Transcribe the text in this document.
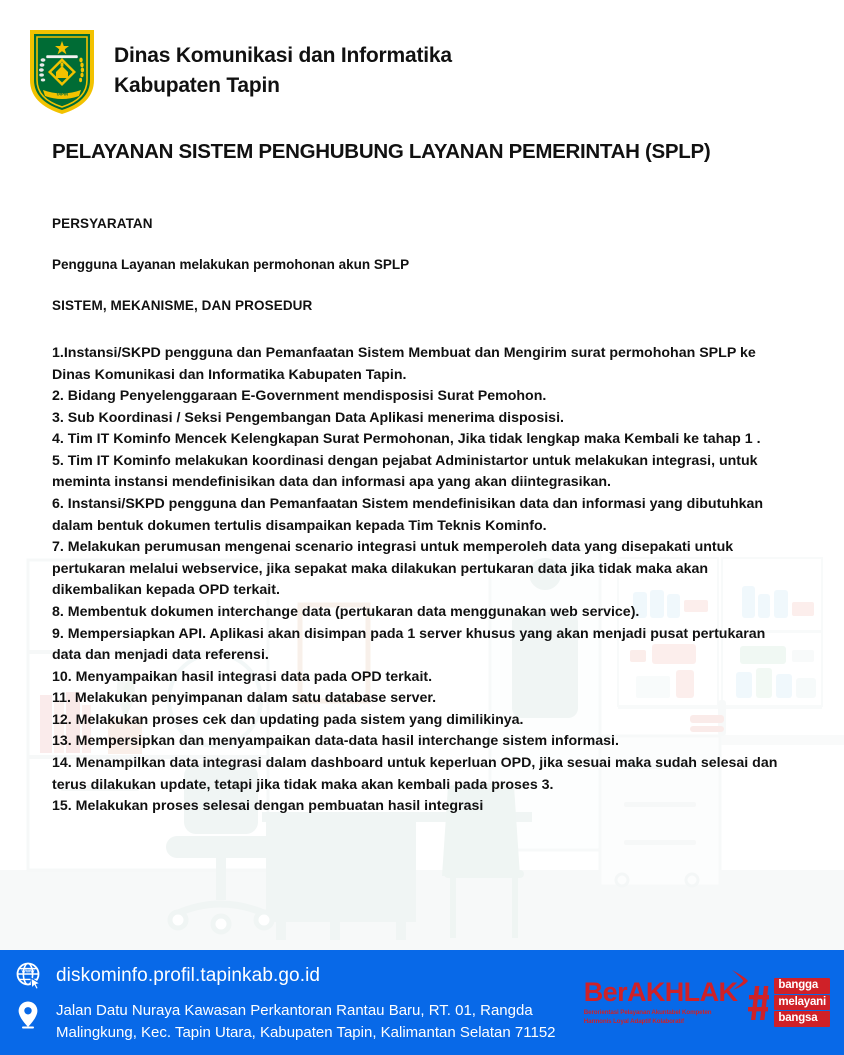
TAPIN
Dinas Komunikasi dan Informatika
Kabupaten Tapin
PELAYANAN SISTEM PENGHUBUNG LAYANAN PEMERINTAH (SPLP)
PERSYARATAN
Pengguna Layanan melakukan permohonan akun SPLP
SISTEM, MEKANISME, DAN PROSEDUR
1.Instansi/SKPD pengguna dan Pemanfaatan Sistem Membuat dan Mengirim surat permohohan SPLP ke Dinas Komunikasi dan Informatika Kabupaten Tapin.
2. Bidang Penyelenggaraan E-Government mendisposisi Surat Pemohon.
3. Sub Koordinasi / Seksi Pengembangan Data Aplikasi menerima disposisi.
4. Tim IT Kominfo Mencek Kelengkapan Surat Permohonan, Jika tidak lengkap maka Kembali ke tahap 1 .
5. Tim IT Kominfo melakukan koordinasi dengan pejabat Administartor untuk melakukan integrasi, untuk meminta instansi mendefinisikan data dan informasi apa yang akan diintegrasikan.
6. Instansi/SKPD pengguna dan Pemanfaatan Sistem mendefinisikan data dan informasi yang dibutuhkan dalam bentuk dokumen tertulis disampaikan kepada Tim Teknis Kominfo.
7. Melakukan perumusan mengenai scenario integrasi untuk memperoleh data yang disepakati untuk pertukaran melalui webservice, jika sepakat maka dilakukan pertukaran data jika tidak maka akan dikembalikan kepada OPD terkait.
8. Membentuk dokumen interchange data (pertukaran data menggunakan web service).
9. Mempersiapkan API. Aplikasi akan disimpan pada 1 server khusus yang akan menjadi pusat pertukaran data dan menjadi data referensi.
10. Menyampaikan hasil integrasi data pada OPD terkait.
11. Melakukan penyimpanan dalam satu database server.
12. Melakukan proses cek dan updating pada sistem yang dimilikinya.
13. Mempersipkan dan menyampaikan data-data hasil interchange sistem informasi.
14. Menampilkan data integrasi dalam dashboard untuk keperluan OPD, jika sesuai maka sudah selesai dan terus dilakukan update, tetapi jika tidak maka akan kembali pada proses 3.
15. Melakukan proses selesai dengan pembuatan hasil integrasi
WWW diskominfo.profil.tapinkab.go.id
Jalan Datu Nuraya Kawasan Perkantoran Rantau Baru, RT. 01, Rangda Malingkung, Kec. Tapin Utara, Kabupaten Tapin, Kalimantan Selatan 71152
BerAKHLAK
Berorientasi Pelayanan Akuntabel Kompeten Harmonis Loyal Adaptif Kolaboratif
bangga
melayani
bangsa
